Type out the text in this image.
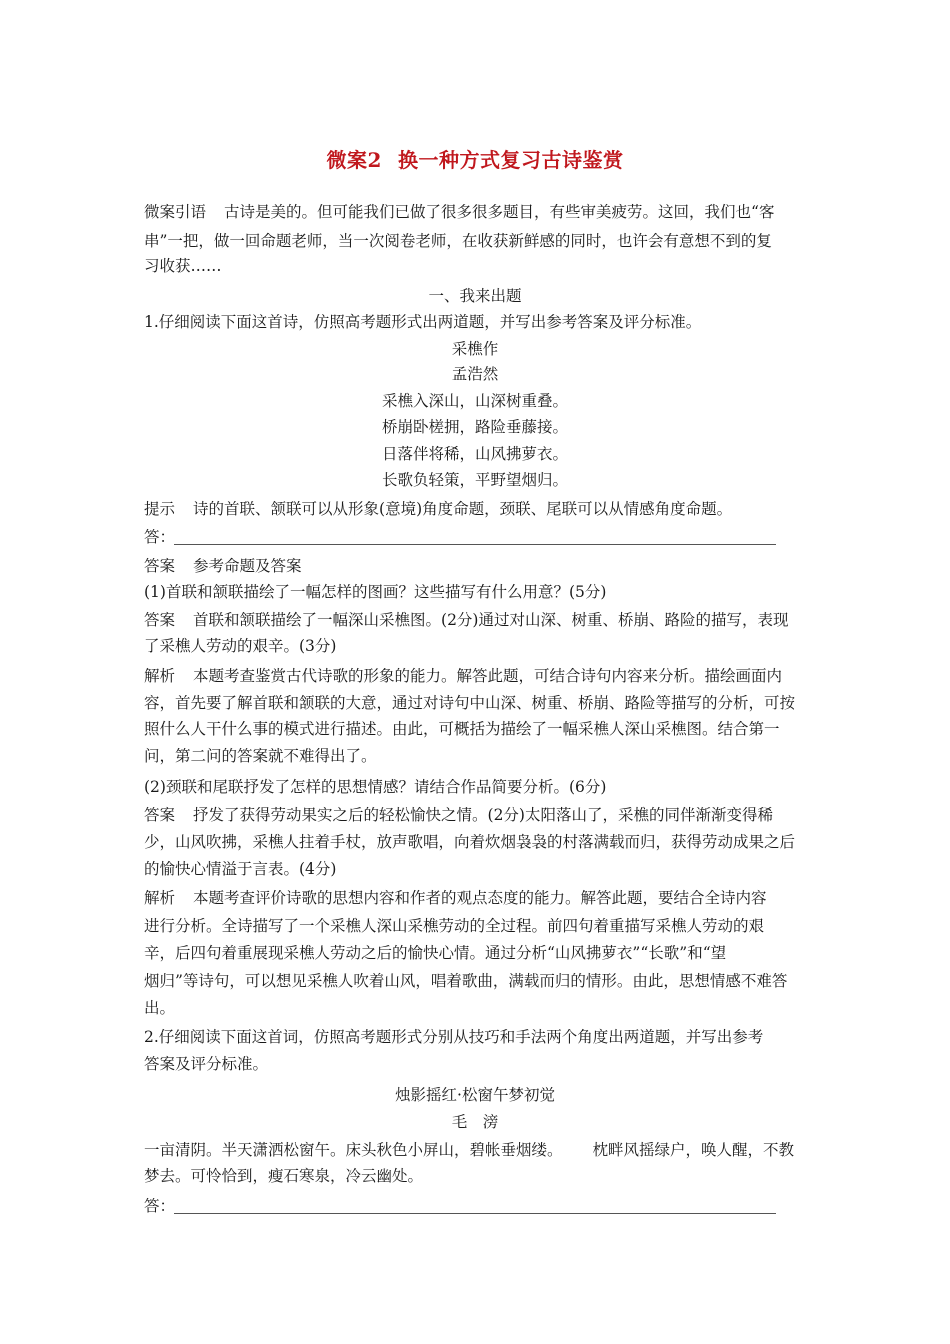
微案2 换一种方式复习古诗鉴赏
微案引语 古诗是美的。但可能我们已做了很多很多题目，有些审美疲劳。这回，我们也“客
串”一把，做一回命题老师，当一次阅卷老师，在收获新鲜感的同时，也许会有意想不到的复
习收获……
一、我来出题
1.仔细阅读下面这首诗，仿照高考题形式出两道题，并写出参考答案及评分标准。
采樵作
孟浩然
采樵入深山，山深树重叠。
桥崩卧槎拥，路险垂藤接。
日落伴将稀，山风拂萝衣。
长歌负轻策，平野望烟归。
提示 诗的首联、颔联可以从形象(意境)角度命题，颈联、尾联可以从情感角度命题。
答：
答案 参考命题及答案
(1)首联和颔联描绘了一幅怎样的图画？这些描写有什么用意？(5分)
答案 首联和颔联描绘了一幅深山采樵图。(2分)通过对山深、树重、桥崩、路险的描写，表现
了采樵人劳动的艰辛。(3分)
解析 本题考查鉴赏古代诗歌的形象的能力。解答此题，可结合诗句内容来分析。描绘画面内
容，首先要了解首联和颔联的大意，通过对诗句中山深、树重、桥崩、路险等描写的分析，可按
照什么人干什么事的模式进行描述。由此，可概括为描绘了一幅采樵人深山采樵图。结合第一
问，第二问的答案就不难得出了。
(2)颈联和尾联抒发了怎样的思想情感？请结合作品简要分析。(6分)
答案 抒发了获得劳动果实之后的轻松愉快之情。(2分)太阳落山了，采樵的同伴渐渐变得稀
少，山风吹拂，采樵人拄着手杖，放声歌唱，向着炊烟袅袅的村落满载而归，获得劳动成果之后
的愉快心情溢于言表。(4分)
解析 本题考查评价诗歌的思想内容和作者的观点态度的能力。解答此题，要结合全诗内容
进行分析。全诗描写了一个采樵人深山采樵劳动的全过程。前四句着重描写采樵人劳动的艰
辛，后四句着重展现采樵人劳动之后的愉快心情。通过分析“山风拂萝衣”“长歌”和“望
烟归”等诗句，可以想见采樵人吹着山风，唱着歌曲，满载而归的情形。由此，思想情感不难答
出。
2.仔细阅读下面这首词，仿照高考题形式分别从技巧和手法两个角度出两道题，并写出参考
答案及评分标准。
烛影摇红·松窗午梦初觉
毛　滂
一亩清阴。半天潇洒松窗午。床头秋色小屏山，碧帐垂烟缕。 枕畔风摇绿户，唤人醒，不教
梦去。可怜恰到，瘦石寒泉，冷云幽处。
答：
